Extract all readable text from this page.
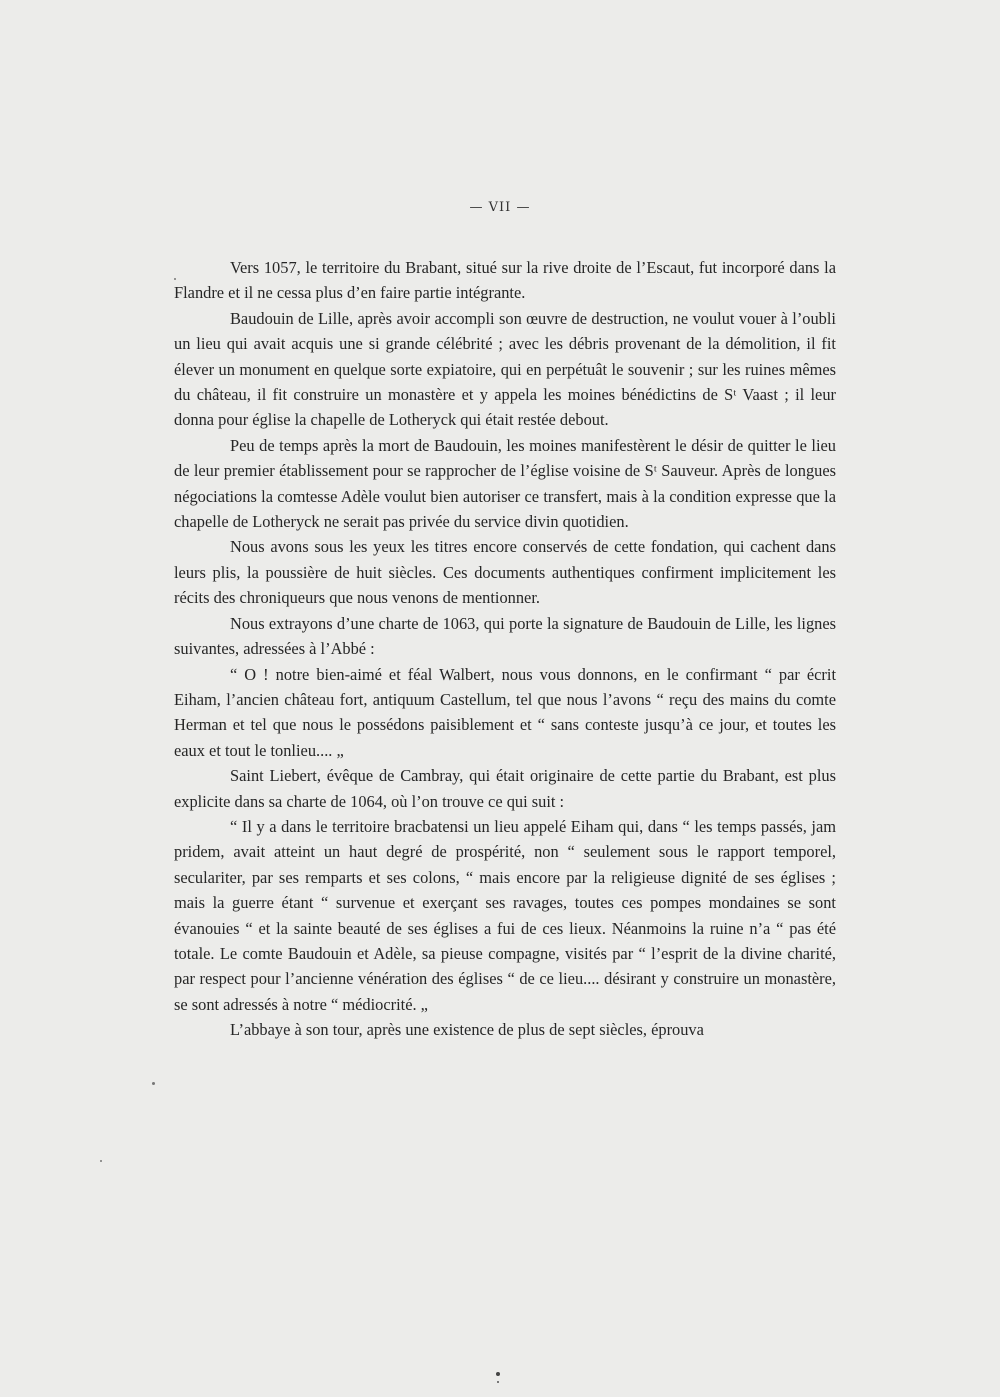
— VII —

Vers 1057, le territoire du Brabant, situé sur la rive droite de l’Escaut, fut incorporé dans la Flandre et il ne cessa plus d’en faire partie intégrante.

Baudouin de Lille, après avoir accompli son œuvre de destruction, ne voulut vouer à l’oubli un lieu qui avait acquis une si grande célébrité ; avec les débris provenant de la démolition, il fit élever un monument en quelque sorte expiatoire, qui en perpétuât le souvenir ; sur les ruines mêmes du château, il fit construire un monastère et y appela les moines bénédictins de Sᵗ Vaast ; il leur donna pour église la chapelle de Lotheryck qui était restée debout.

Peu de temps après la mort de Baudouin, les moines manifestèrent le désir de quitter le lieu de leur premier établissement pour se rapprocher de l’église voisine de Sᵗ Sauveur. Après de longues négociations la comtesse Adèle voulut bien autoriser ce transfert, mais à la condition expresse que la chapelle de Lotheryck ne serait pas privée du service divin quotidien.

Nous avons sous les yeux les titres encore conservés de cette fondation, qui cachent dans leurs plis, la poussière de huit siècles. Ces documents authentiques confirment implicitement les récits des chroniqueurs que nous venons de mentionner.

Nous extrayons d’une charte de 1063, qui porte la signature de Baudouin de Lille, les lignes suivantes, adressées à l’Abbé :

“ O ! notre bien-aimé et féal Walbert, nous vous donnons, en le confirmant “ par écrit Eiham, l’ancien château fort, antiquum Castellum, tel que nous l’avons “ reçu des mains du comte Herman et tel que nous le possédons paisiblement et “ sans conteste jusqu’à ce jour, et toutes les eaux et tout le tonlieu.... „

Saint Liebert, évêque de Cambray, qui était originaire de cette partie du Brabant, est plus explicite dans sa charte de 1064, où l’on trouve ce qui suit :

“ Il y a dans le territoire bracbatensi un lieu appelé Eiham qui, dans “ les temps passés, jam pridem, avait atteint un haut degré de prospérité, non “ seulement sous le rapport temporel, seculariter, par ses remparts et ses colons, “ mais encore par la religieuse dignité de ses églises ; mais la guerre étant “ survenue et exerçant ses ravages, toutes ces pompes mondaines se sont évanouies “ et la sainte beauté de ses églises a fui de ces lieux. Néanmoins la ruine n’a “ pas été totale. Le comte Baudouin et Adèle, sa pieuse compagne, visités par “ l’esprit de la divine charité, par respect pour l’ancienne vénération des églises “ de ce lieu.... désirant y construire un monastère, se sont adressés à notre “ médiocrité. „

L’abbaye à son tour, après une existence de plus de sept siècles, éprouva
